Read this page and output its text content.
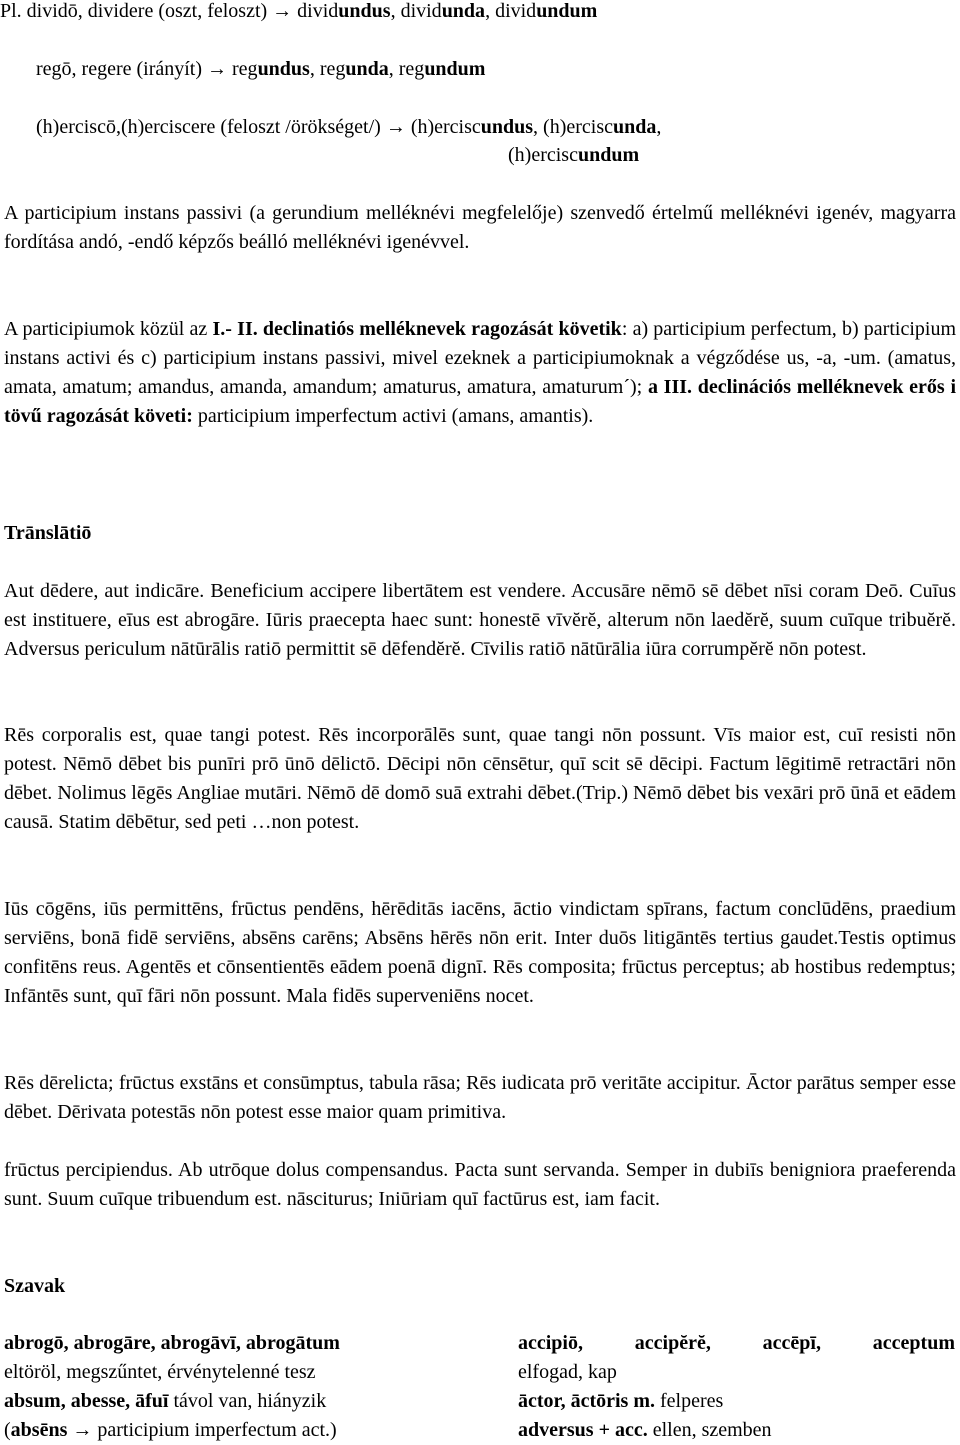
Pl. dividō, dividere (oszt, feloszt) → dividundus, dividunda, dividundum
regō, regere (irányít) → regundus, regunda, regundum
(h)erciscō,(h)erciscere (feloszt /örökséget/) → (h)erciscundus, (h)erciscunda,
(h)erciscundum

A participium instans passivi (a gerundium melléknévi megfelelője) szenvedő értelmű melléknévi igenév, magyarra fordítása andó, -endő képzős beálló melléknévi igenévvel.

A participiumok közül az I.- II. declinatiós melléknevek ragozását követik: a) participium perfectum, b) participium instans activi és c) participium instans passivi, mivel ezeknek a participiumoknak a végződése us, -a, -um. (amatus, amata, amatum; amandus, amanda, amandum; amaturus, amatura, amaturum´); a III. declinációs melléknevek erős i tövű ragozását követi: participium imperfectum activi (amans, amantis).

Trānslātiō

Aut dēdere, aut indicāre. Beneficium accipere libertātem est vendere. Accusāre nēmō sē dēbet nīsi coram Deō. Cuīus est instituere, eīus est abrogāre. Iūris praecepta haec sunt: honestē vīvĕrĕ, alterum nōn laedĕrĕ, suum cuīque tribuĕrĕ. Adversus periculum nātūrālis ratiō permittit sē dēfendĕrĕ. Cīvilis ratiō nātūrālia iūra corrumpĕrĕ nōn potest.

Rēs corporalis est, quae tangi potest. Rēs incorporālēs sunt, quae tangi nōn possunt. Vīs maior est, cuī resisti nōn potest. Nēmō dēbet bis punīri prō ūnō dēlictō. Dēcipi nōn cēnsētur, quī scit sē dēcipi. Factum lēgitimē retractāri nōn dēbet. Nolimus lēgēs Angliae mutāri. Nēmō dē domō suā extrahi dēbet.(Trip.) Nēmō dēbet bis vexāri prō ūnā et eādem causā. Statim dēbētur, sed peti …non potest.

Iūs cōgēns, iūs permittēns, frūctus pendēns, hērēditās iacēns, āctio vindictam spīrans, factum conclūdēns, praedium serviēns, bonā fidē serviēns, absēns carēns; Absēns hērēs nōn erit. Inter duōs litigāntēs tertius gaudet.Testis optimus confitēns reus. Agentēs et cōnsentientēs eādem poenā dignī. Rēs composita; frūctus perceptus; ab hostibus redemptus; Infāntēs sunt, quī fāri nōn possunt. Mala fidēs superveniēns nocet.

Rēs dērelicta; frūctus exstāns et consūmptus, tabula rāsa; Rēs iudicata prō veritāte accipitur. Āctor parātus semper esse dēbet. Dērivata potestās nōn potest esse maior quam primitiva.

frūctus percipiendus. Ab utrōque dolus compensandus. Pacta sunt servanda. Semper in dubiīs benigniora praeferenda sunt. Suum cuīque tribuendum est. nāsciturus; Iniūriam quī factūrus est, iam facit.

Szavak
abrogō, abrogāre, abrogāvī, abrogātum
eltöröl, megszűntet, érvénytelenné tesz
absum, abesse, āfuī távol van, hiányzik
(absēns → participium imperfectum act.)
accipiō, accipĕrĕ, accēpī, acceptum
elfogad, kap
āctor, āctōris m. felperes
adversus + acc. ellen, szemben
